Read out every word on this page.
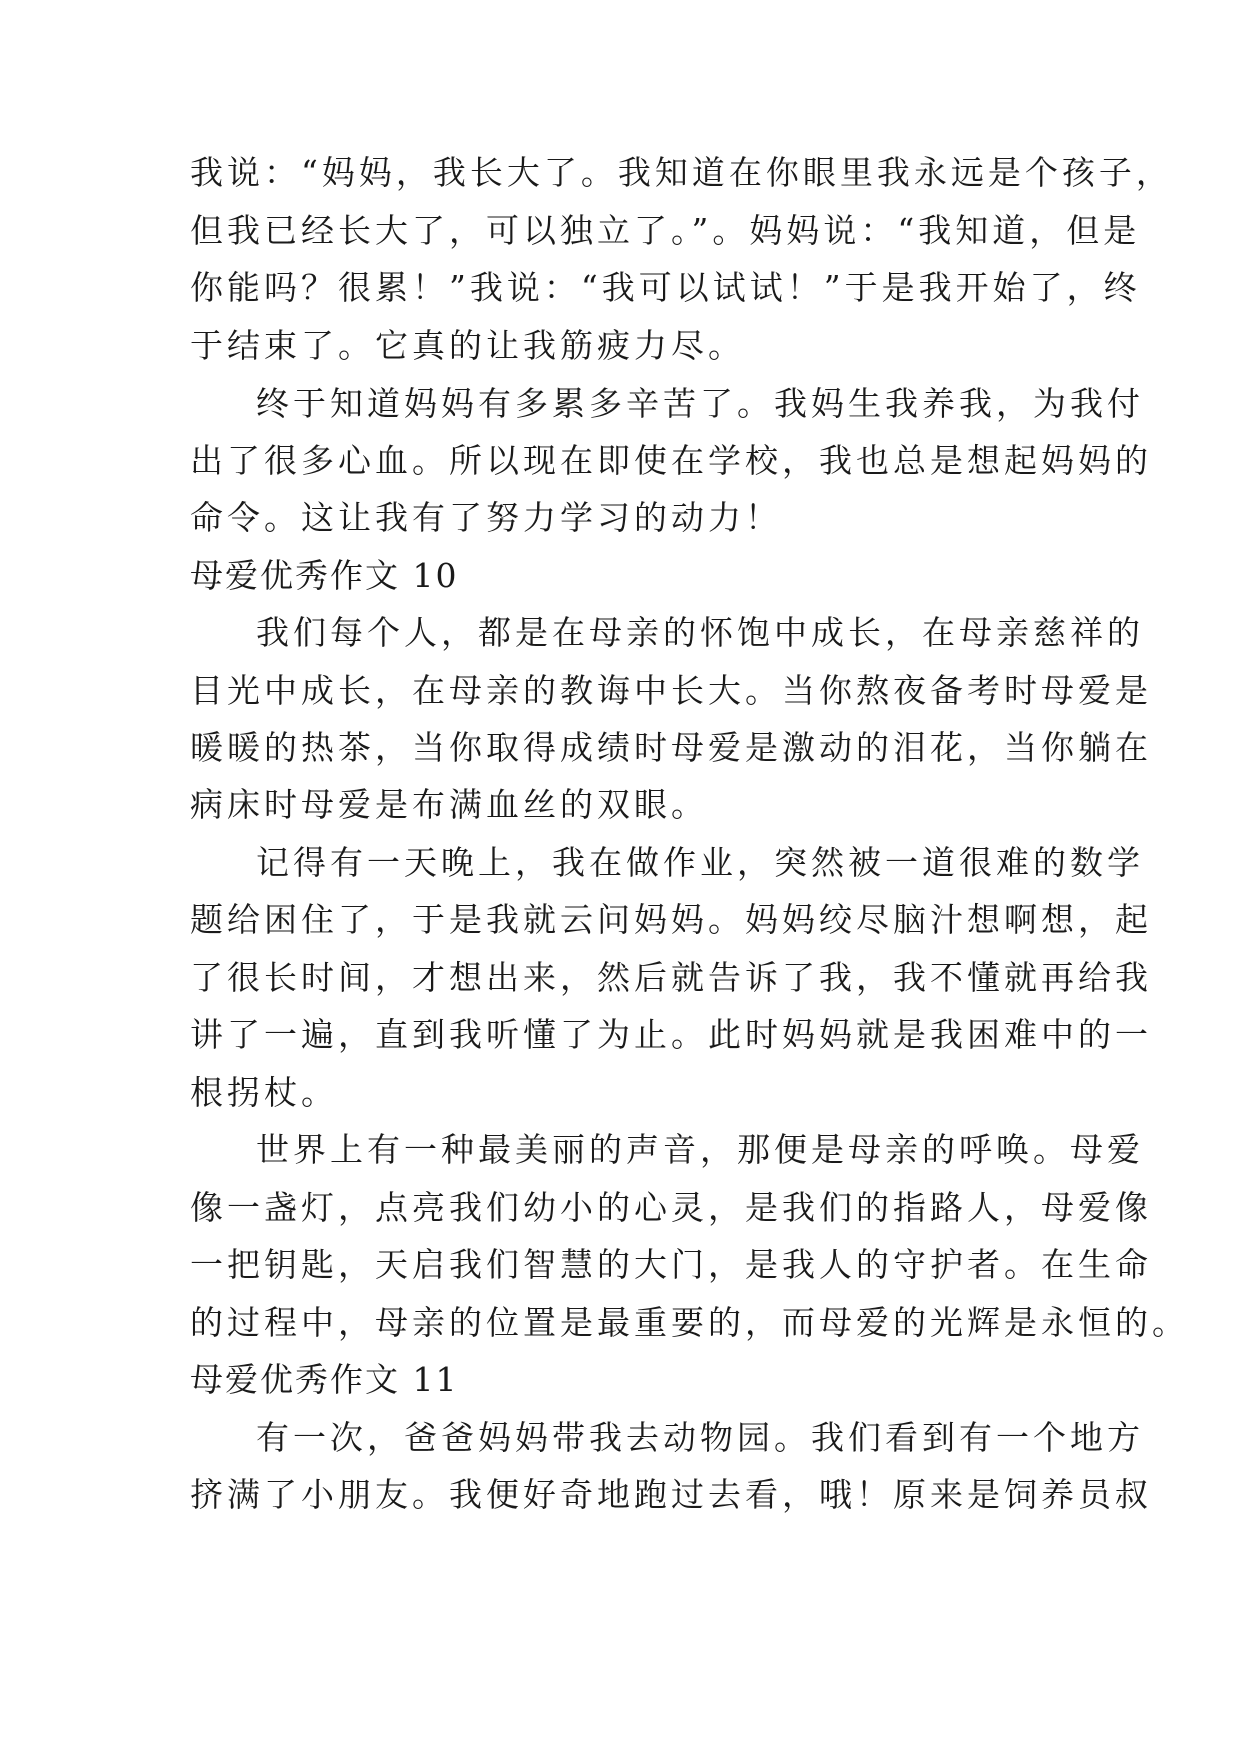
我说：“妈妈，我长大了。我知道在你眼里我永远是个孩子，
但我已经长大了，可以独立了。”。妈妈说：“我知道，但是
你能吗？很累！”我说：“我可以试试！”于是我开始了，终
于结束了。它真的让我筋疲力尽。
终于知道妈妈有多累多辛苦了。我妈生我养我，为我付
出了很多心血。所以现在即使在学校，我也总是想起妈妈的
命令。这让我有了努力学习的动力！
母爱优秀作文 10
我们每个人，都是在母亲的怀饱中成长，在母亲慈祥的
目光中成长，在母亲的教诲中长大。当你熬夜备考时母爱是
暖暖的热茶，当你取得成绩时母爱是激动的泪花，当你躺在
病床时母爱是布满血丝的双眼。
记得有一天晚上，我在做作业，突然被一道很难的数学
题给困住了，于是我就云问妈妈。妈妈绞尽脑汁想啊想，起
了很长时间，才想出来，然后就告诉了我，我不懂就再给我
讲了一遍，直到我听懂了为止。此时妈妈就是我困难中的一
根拐杖。
世界上有一种最美丽的声音，那便是母亲的呼唤。母爱
像一盏灯，点亮我们幼小的心灵，是我们的指路人，母爱像
一把钥匙，天启我们智慧的大门，是我人的守护者。在生命
的过程中，母亲的位置是最重要的，而母爱的光辉是永恒的。
母爱优秀作文 11
有一次，爸爸妈妈带我去动物园。我们看到有一个地方
挤满了小朋友。我便好奇地跑过去看，哦！原来是饲养员叔
